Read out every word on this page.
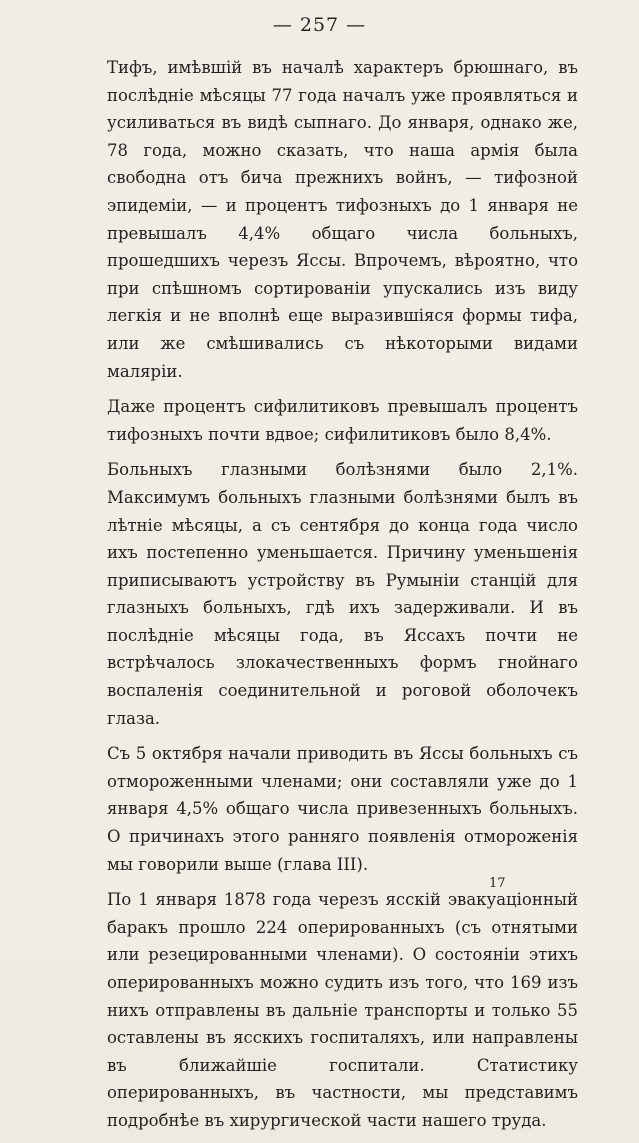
— 257 —

Тифъ, имѣвшій въ началѣ характеръ брюшнаго, въ послѣдніе мѣсяцы 77 года началъ уже проявляться и усиливаться въ видѣ сыпнаго. До января, однако же, 78 года, можно сказать, что наша армія была свободна отъ бича прежнихъ войнъ, — тифозной эпидеміи, — и процентъ тифозныхъ до 1 января не превышалъ 4,4% общаго числа больныхъ, прошедшихъ черезъ Яссы. Впрочемъ, вѣроятно, что при спѣшномъ сортированіи упускались изъ виду легкія и не вполнѣ еще выразившіяся формы тифа, или же смѣшивались съ нѣкоторыми видами маляріи.

Даже процентъ сифилитиковъ превышалъ процентъ тифозныхъ почти вдвое; сифилитиковъ было 8,4%.

Больныхъ глазными болѣзнями было 2,1%. Максимумъ больныхъ глазными болѣзнями былъ въ лѣтніе мѣсяцы, а съ сентября до конца года число ихъ постепенно уменьшается. Причину уменьшенія приписываютъ устройству въ Румыніи станцій для глазныхъ больныхъ, гдѣ ихъ задерживали. И въ послѣдніе мѣсяцы года, въ Яссахъ почти не встрѣчалось злокачественныхъ формъ гнойнаго воспаленія соединительной и роговой оболочекъ глаза.

Съ 5 октября начали приводить въ Яссы больныхъ съ отмороженными членами; они составляли уже до 1 января 4,5% общаго числа привезенныхъ больныхъ. О причинахъ этого ранняго появленія отмороженія мы говорили выше (глава III).

По 1 января 1878 года черезъ ясскій эвакуаціонный баракъ прошло 224 оперированныхъ (съ отнятыми или резецированными членами). О состояніи этихъ оперированныхъ можно судить изъ того, что 169 изъ нихъ отправлены въ дальніе транспорты и только 55 оставлены въ ясскихъ госпиталяхъ, или направлены въ ближайшіе госпитали. Статистику оперированныхъ, въ частности, мы представимъ подробнѣе въ хирургической части нашего труда.

17
